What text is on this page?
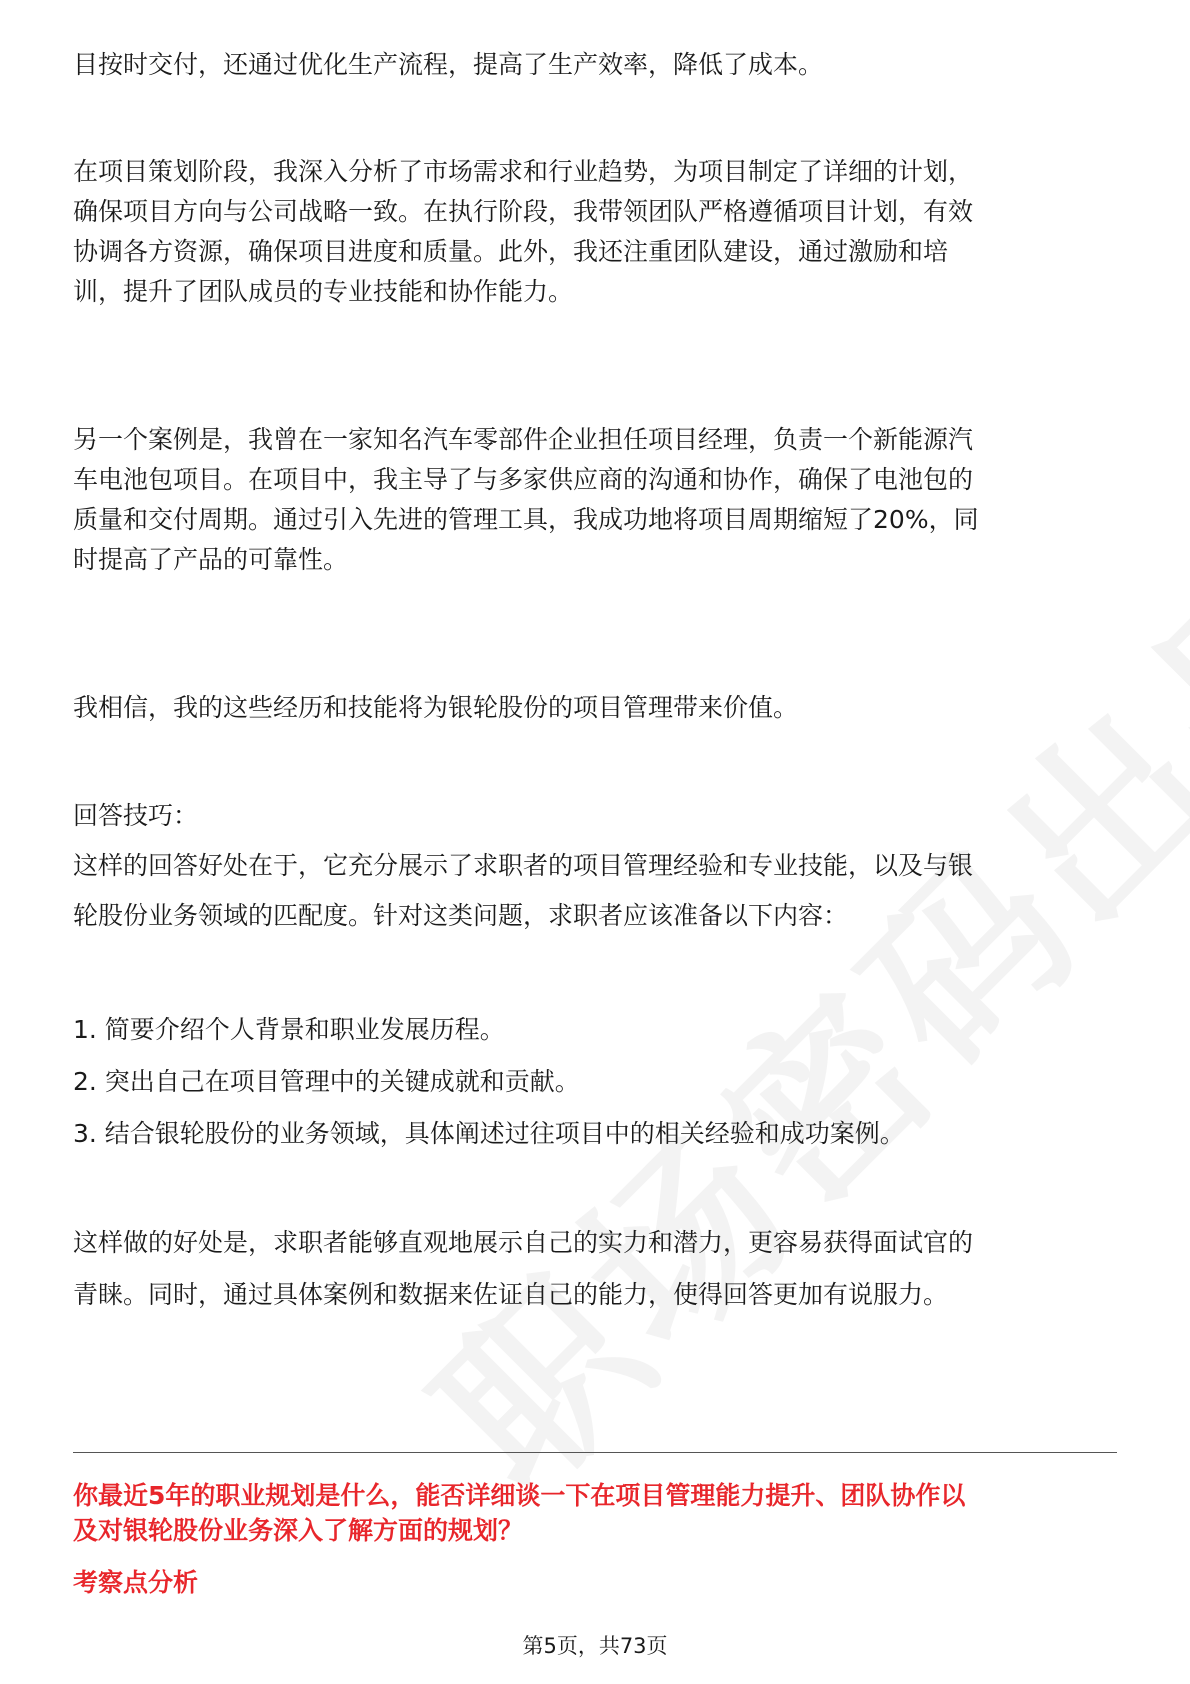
目按时交付，还通过优化生产流程，提高了生产效率，降低了成本。

在项目策划阶段，我深入分析了市场需求和行业趋势，为项目制定了详细的计划，
确保项目方向与公司战略一致。在执行阶段，我带领团队严格遵循项目计划，有效
协调各方资源，确保项目进度和质量。此外，我还注重团队建设，通过激励和培
训，提升了团队成员的专业技能和协作能力。

另一个案例是，我曾在一家知名汽车零部件企业担任项目经理，负责一个新能源汽
车电池包项目。在项目中，我主导了与多家供应商的沟通和协作，确保了电池包的
质量和交付周期。通过引入先进的管理工具，我成功地将项目周期缩短了20%，同
时提高了产品的可靠性。

我相信，我的这些经历和技能将为银轮股份的项目管理带来价值。

回答技巧：
这样的回答好处在于，它充分展示了求职者的项目管理经验和专业技能，以及与银
轮股份业务领域的匹配度。针对这类问题，求职者应该准备以下内容：

1. 简要介绍个人背景和职业发展历程。
2. 突出自己在项目管理中的关键成就和贡献。
3. 结合银轮股份的业务领域，具体阐述过往项目中的相关经验和成功案例。

这样做的好处是，求职者能够直观地展示自己的实力和潜力，更容易获得面试官的
青睐。同时，通过具体案例和数据来佐证自己的能力，使得回答更加有说服力。

你最近5年的职业规划是什么，能否详细谈一下在项目管理能力提升、团队协作以
及对银轮股份业务深入了解方面的规划？

考察点分析

第5页，共73页
